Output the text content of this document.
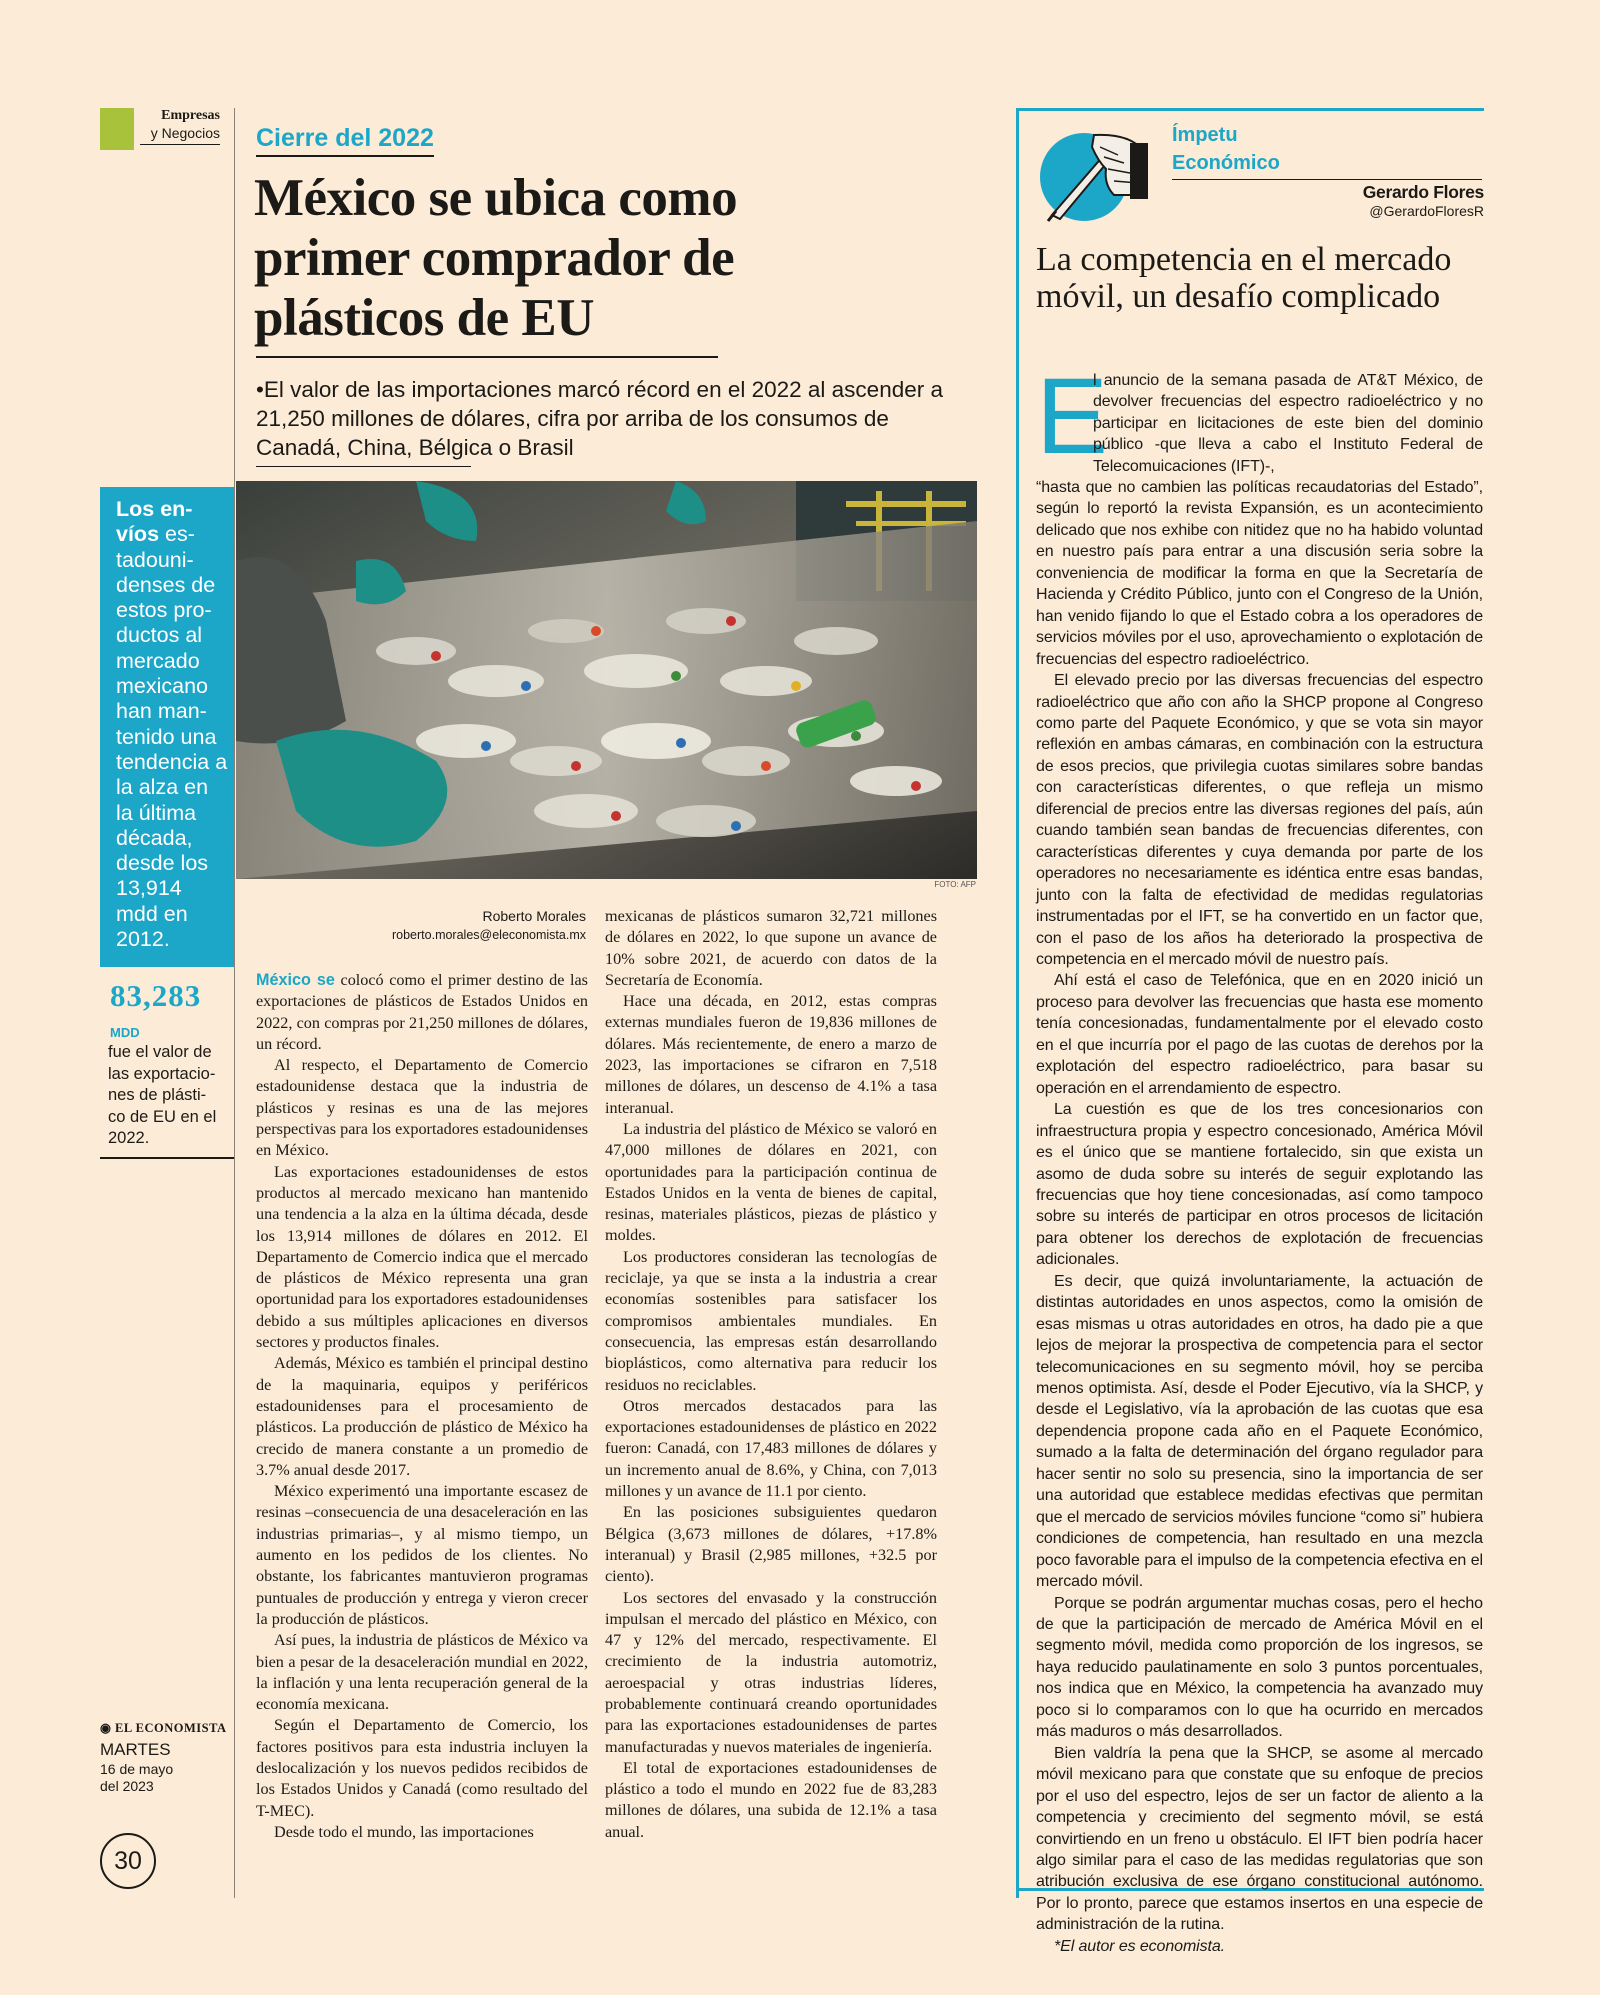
Empresas
y Negocios
Los envíos estadounidenses de estos productos al mercado mexicano han mantenido una tendencia a la alza en la última década, desde los 13,914 mdd en 2012.
83,283
MDD
fue el valor de las exportaciones de plástico de EU en el 2022.
◉ EL ECONOMISTA
MARTES
16 de mayo
del 2023
30
Cierre del 2022
México se ubica como primer comprador de plásticos de EU
•El valor de las importaciones marcó récord en el 2022 al ascender a 21,250 millones de dólares, cifra por arriba de los consumos de Canadá, China, Bélgica o Brasil
FOTO: AFP
Roberto Morales
roberto.morales@eleconomista.mx

México se colocó como el primer destino de las exportaciones de plásticos de Estados Unidos en 2022, con compras por 21,250 millones de dólares, un récord.

Al respecto, el Departamento de Comercio estadounidense destaca que la industria de plásticos y resinas es una de las mejores perspectivas para los exportadores estadounidenses en México.

Las exportaciones estadounidenses de estos productos al mercado mexicano han mantenido una tendencia a la alza en la última década, desde los 13,914 millones de dólares en 2012. El Departamento de Comercio indica que el mercado de plásticos de México representa una gran oportunidad para los exportadores estadounidenses debido a sus múltiples aplicaciones en diversos sectores y productos finales.

Además, México es también el principal destino de la maquinaria, equipos y periféricos estadounidenses para el procesamiento de plásticos. La producción de plástico de México ha crecido de manera constante a un promedio de 3.7% anual desde 2017.

México experimentó una importante escasez de resinas –consecuencia de una desaceleración en las industrias primarias–, y al mismo tiempo, un aumento en los pedidos de los clientes. No obstante, los fabricantes mantuvieron programas puntuales de producción y entrega y vieron crecer la producción de plásticos.

Así pues, la industria de plásticos de México va bien a pesar de la desaceleración mundial en 2022, la inflación y una lenta recuperación general de la economía mexicana.

Según el Departamento de Comercio, los factores positivos para esta industria incluyen la deslocalización y los nuevos pedidos recibidos de los Estados Unidos y Canadá (como resultado del T-MEC).

Desde todo el mundo, las importaciones

mexicanas de plásticos sumaron 32,721 millones de dólares en 2022, lo que supone un avance de 10% sobre 2021, de acuerdo con datos de la Secretaría de Economía.

Hace una década, en 2012, estas compras externas mundiales fueron de 19,836 millones de dólares. Más recientemente, de enero a marzo de 2023, las importaciones se cifraron en 7,518 millones de dólares, un descenso de 4.1% a tasa interanual.

La industria del plástico de México se valoró en 47,000 millones de dólares en 2021, con oportunidades para la participación continua de Estados Unidos en la venta de bienes de capital, resinas, materiales plásticos, piezas de plástico y moldes.

Los productores consideran las tecnologías de reciclaje, ya que se insta a la industria a crear economías sostenibles para satisfacer los compromisos ambientales mundiales. En consecuencia, las empresas están desarrollando bioplásticos, como alternativa para reducir los residuos no reciclables.

Otros mercados destacados para las exportaciones estadounidenses de plástico en 2022 fueron: Canadá, con 17,483 millones de dólares y un incremento anual de 8.6%, y China, con 7,013 millones y un avance de 11.1 por ciento.

En las posiciones subsiguientes quedaron Bélgica (3,673 millones de dólares, +17.8% interanual) y Brasil (2,985 millones, +32.5 por ciento).

Los sectores del envasado y la construcción impulsan el mercado del plástico en México, con 47 y 12% del mercado, respectivamente. El crecimiento de la industria automotriz, aeroespacial y otras industrias líderes, probablemente continuará creando oportunidades para las exportaciones estadounidenses de partes manufacturadas y nuevos materiales de ingeniería.

El total de exportaciones estadounidenses de plástico a todo el mundo en 2022 fue de 83,283 millones de dólares, una subida de 12.1% a tasa anual.

Ímpetu
Económico
Gerardo Flores
@GerardoFloresR
La competencia en el mercado móvil, un desafío complicado
E

l anuncio de la semana pasada de AT&T México, de devolver frecuencias del espectro radioeléctrico y no participar en licitaciones de este bien del dominio público -que lleva a cabo el Instituto Federal de Telecomuicaciones (IFT)-,

“hasta que no cambien las políticas recaudatorias del Estado”, según lo reportó la revista Expansión, es un acontecimiento delicado que nos exhibe con nitidez que no ha habido voluntad en nuestro país para entrar a una discusión seria sobre la conveniencia de modificar la forma en que la Secretaría de Hacienda y Crédito Público, junto con el Congreso de la Unión, han venido fijando lo que el Estado cobra a los operadores de servicios móviles por el uso, aprovechamiento o explotación de frecuencias del espectro radioeléctrico.

El elevado precio por las diversas frecuencias del espectro radioeléctrico que año con año la SHCP propone al Congreso como parte del Paquete Económico, y que se vota sin mayor reflexión en ambas cámaras, en combinación con la estructura de esos precios, que privilegia cuotas similares sobre bandas con características diferentes, o que refleja un mismo diferencial de precios entre las diversas regiones del país, aún cuando también sean bandas de frecuencias diferentes, con características diferentes y cuya demanda por parte de los operadores no necesariamente es idéntica entre esas bandas, junto con la falta de efectividad de medidas regulatorias instrumentadas por el IFT, se ha convertido en un factor que, con el paso de los años ha deteriorado la prospectiva de competencia en el mercado móvil de nuestro país.

Ahí está el caso de Telefónica, que en en 2020 inició un proceso para devolver las frecuencias que hasta ese momento tenía concesionadas, fundamentalmente por el elevado costo en el que incurría por el pago de las cuotas de derehos por la explotación del espectro radioeléctrico, para basar su operación en el arrendamiento de espectro.

La cuestión es que de los tres concesionarios con infraestructura propia y espectro concesionado, América Móvil es el único que se mantiene fortalecido, sin que exista un asomo de duda sobre su interés de seguir explotando las frecuencias que hoy tiene concesionadas, así como tampoco sobre su interés de participar en otros procesos de licitación para obtener los derechos de explotación de frecuencias adicionales.

Es decir, que quizá involuntariamente, la actuación de distintas autoridades en unos aspectos, como la omisión de esas mismas u otras autoridades en otros, ha dado pie a que lejos de mejorar la prospectiva de competencia para el sector telecomunicaciones en su segmento móvil, hoy se perciba menos optimista. Así, desde el Poder Ejecutivo, vía la SHCP, y desde el Legislativo, vía la aprobación de las cuotas que esa dependencia propone cada año en el Paquete Económico, sumado a la falta de determinación del órgano regulador para hacer sentir no solo su presencia, sino la importancia de ser una autoridad que establece medidas efectivas que permitan que el mercado de servicios móviles funcione “como si” hubiera condiciones de competencia, han resultado en una mezcla poco favorable para el impulso de la competencia efectiva en el mercado móvil.

Porque se podrán argumentar muchas cosas, pero el hecho de que la participación de mercado de América Móvil en el segmento móvil, medida como proporción de los ingresos, se haya reducido paulatinamente en solo 3 puntos porcentuales, nos indica que en México, la competencia ha avanzado muy poco si lo comparamos con lo que ha ocurrido en mercados más maduros o más desarrollados.

Bien valdría la pena que la SHCP, se asome al mercado móvil mexicano para que constate que su enfoque de precios por el uso del espectro, lejos de ser un factor de aliento a la competencia y crecimiento del segmento móvil, se está convirtiendo en un freno u obstáculo. El IFT bien podría hacer algo similar para el caso de las medidas regulatorias que son atribución exclusiva de ese órgano constitucional autónomo. Por lo pronto, parece que estamos insertos en una especie de administración de la rutina.

*El autor es economista.
